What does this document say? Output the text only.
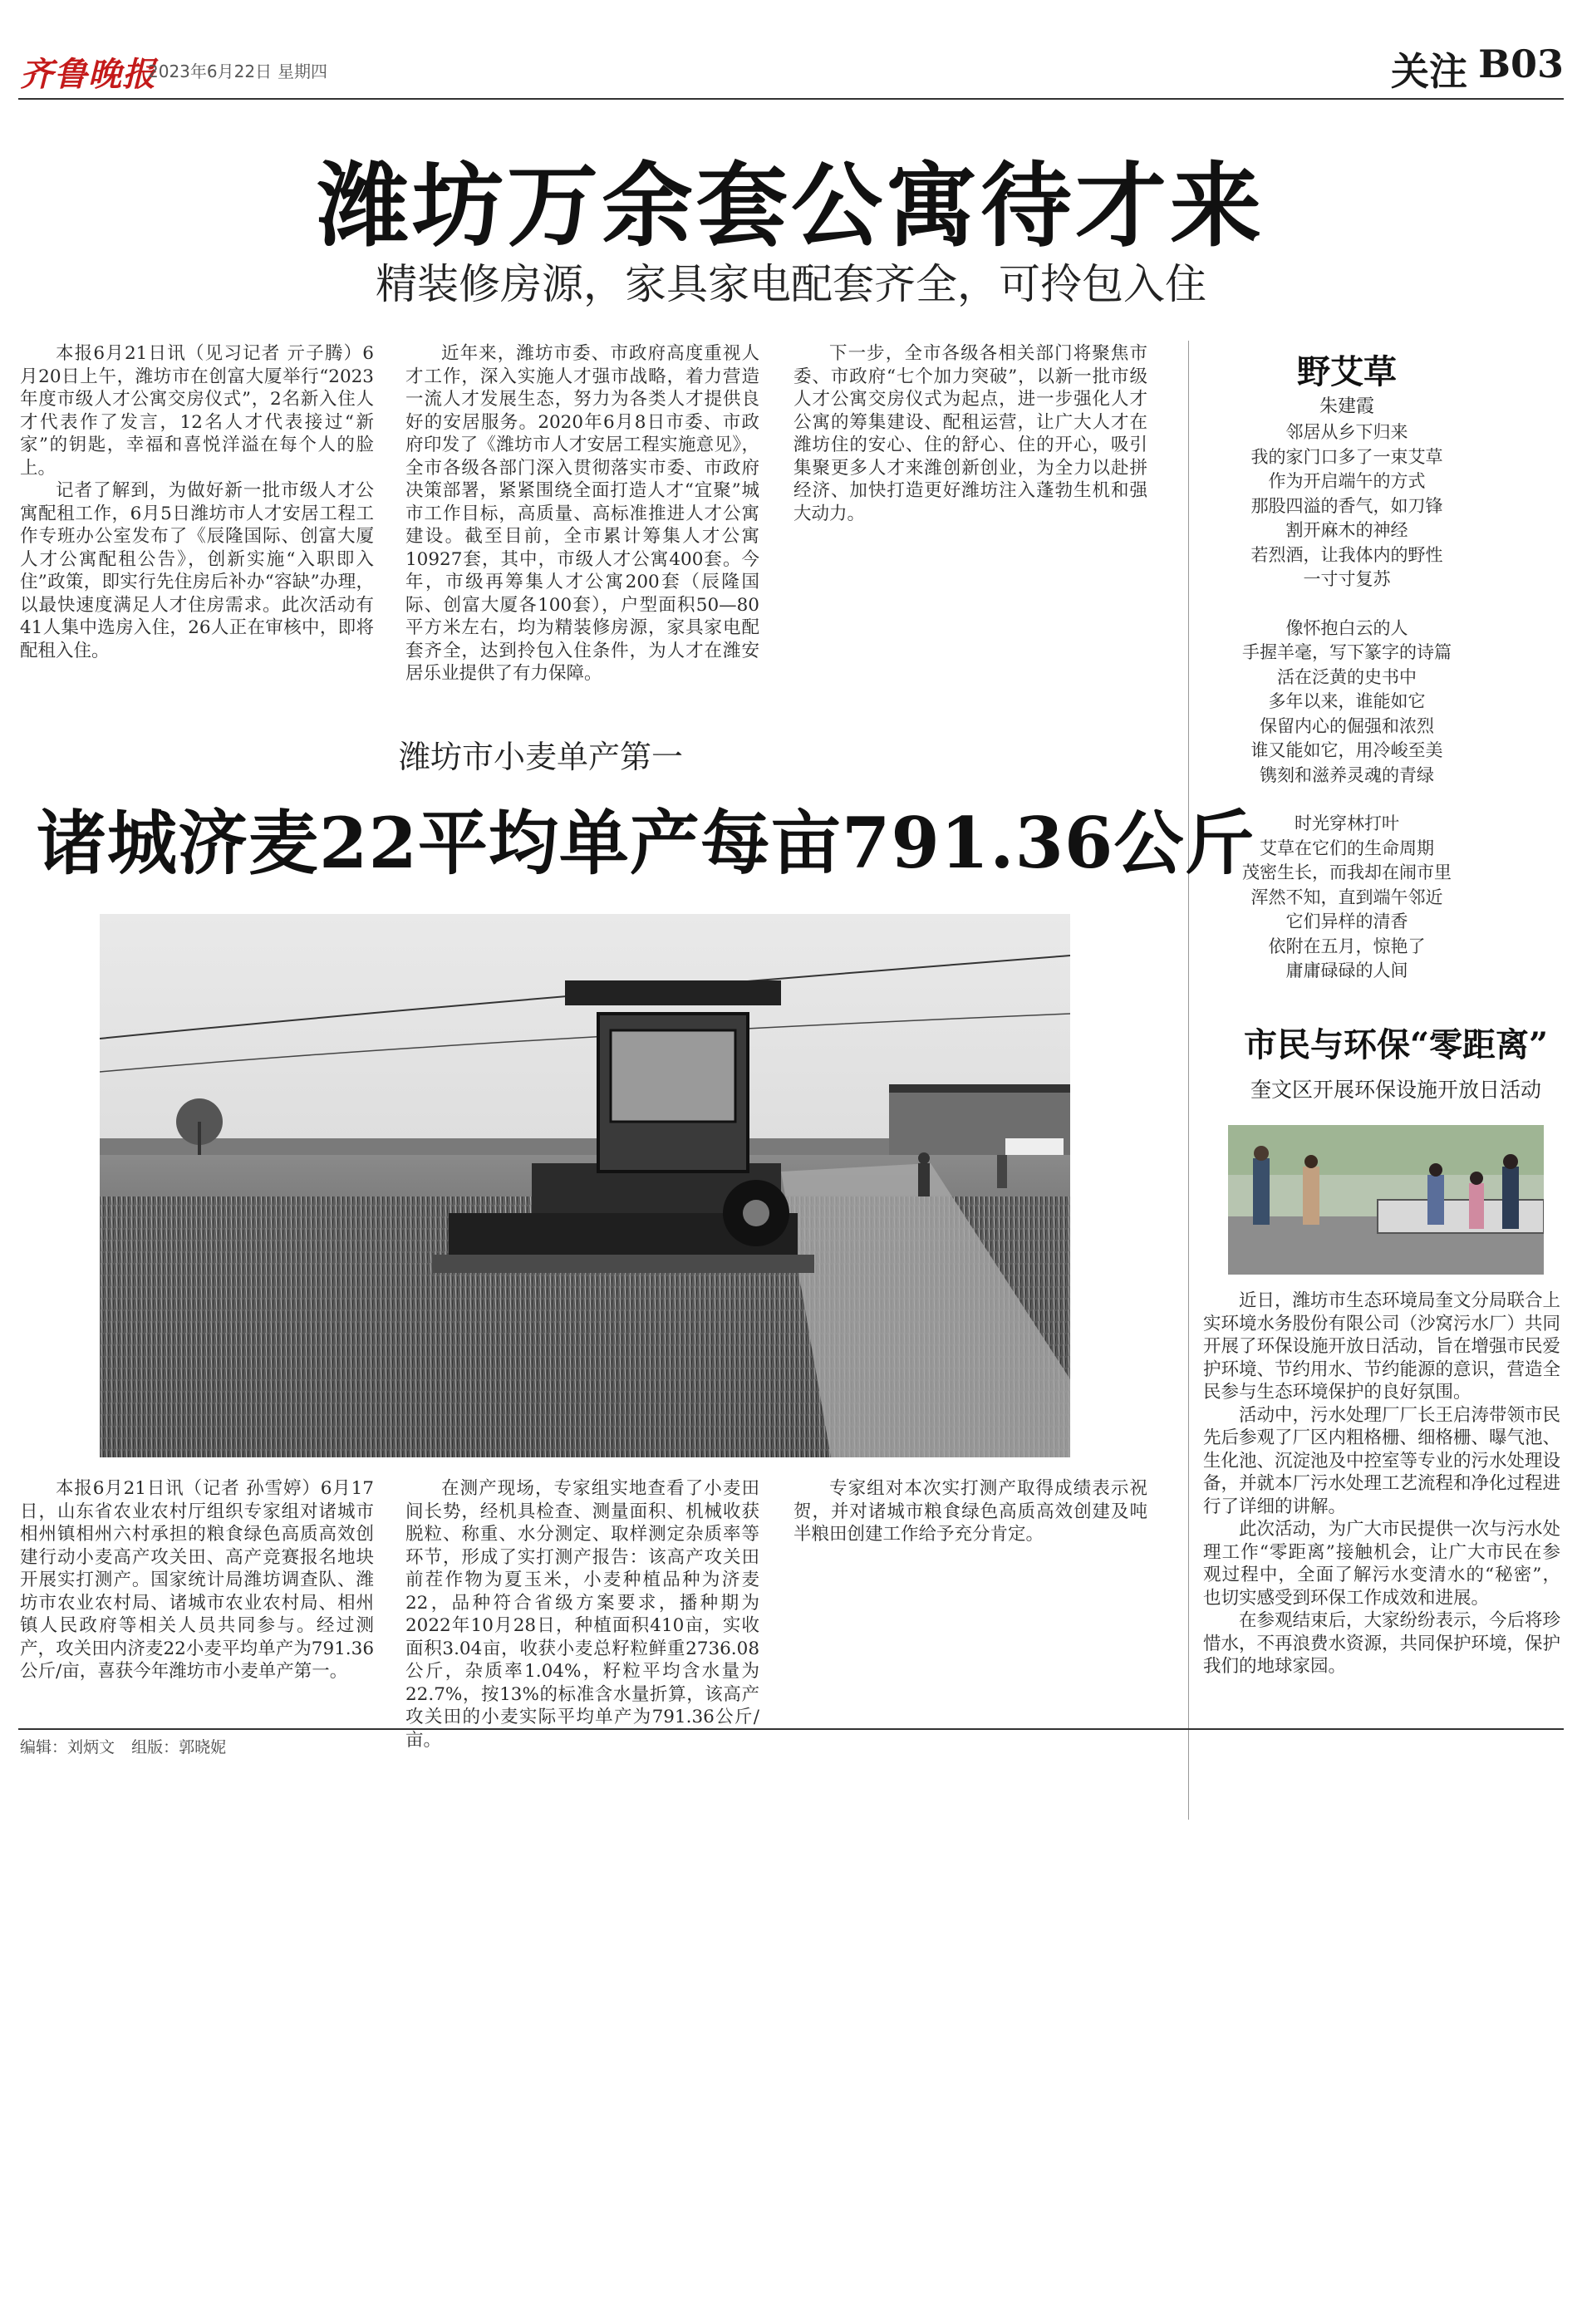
齐鲁晚报
2023年6月22日 星期四	关注 B03
潍坊万余套公寓待才来
精装修房源，家具家电配套齐全，可拎包入住

本报6月21日讯（见习记者 亓子腾）6月20日上午，潍坊市在创富大厦举行“2023年度市级人才公寓交房仪式”，2名新入住人才代表作了发言，12名人才代表接过“新家”的钥匙，幸福和喜悦洋溢在每个人的脸上。

记者了解到，为做好新一批市级人才公寓配租工作，6月5日潍坊市人才安居工程工作专班办公室发布了《辰隆国际、创富大厦人才公寓配租公告》，创新实施“入职即入住”政策，即实行先住房后补办“容缺”办理，以最快速度满足人才住房需求。此次活动有41人集中选房入住，26人正在审核中，即将配租入住。

近年来，潍坊市委、市政府高度重视人才工作，深入实施人才强市战略，着力营造一流人才发展生态，努力为各类人才提供良好的安居服务。2020年6月8日市委、市政府印发了《潍坊市人才安居工程实施意见》，全市各级各部门深入贯彻落实市委、市政府决策部署，紧紧围绕全面打造人才“宜聚”城市工作目标，高质量、高标准推进人才公寓建设。截至目前，全市累计筹集人才公寓10927套，其中，市级人才公寓400套。今年，市级再筹集人才公寓200套（辰隆国际、创富大厦各100套），户型面积50—80平方米左右，均为精装修房源，家具家电配套齐全，达到拎包入住条件，为人才在潍安居乐业提供了有力保障。

下一步，全市各级各相关部门将聚焦市委、市政府“七个加力突破”，以新一批市级人才公寓交房仪式为起点，进一步强化人才公寓的筹集建设、配租运营，让广大人才在潍坊住的安心、住的舒心、住的开心，吸引集聚更多人才来潍创新创业，为全力以赴拼经济、加快打造更好潍坊注入蓬勃生机和强大动力。

野艾草
朱建霞
邻居从乡下归来
我的家门口多了一束艾草
作为开启端午的方式
那股四溢的香气，如刀锋
割开麻木的神经
若烈酒，让我体内的野性
一寸寸复苏
像怀抱白云的人
手握羊毫，写下篆字的诗篇
活在泛黄的史书中
多年以来，谁能如它
保留内心的倔强和浓烈
谁又能如它，用冷峻至美
镌刻和滋养灵魂的青绿
时光穿林打叶
艾草在它们的生命周期
茂密生长，而我却在闹市里
浑然不知，直到端午邻近
它们异样的清香
依附在五月，惊艳了
庸庸碌碌的人间
潍坊市小麦单产第一
诸城济麦22平均单产每亩791.36公斤

本报6月21日讯（记者 孙雪婷）6月17日，山东省农业农村厅组织专家组对诸城市相州镇相州六村承担的粮食绿色高质高效创建行动小麦高产攻关田、高产竞赛报名地块开展实打测产。国家统计局潍坊调查队、潍坊市农业农村局、诸城市农业农村局、相州镇人民政府等相关人员共同参与。经过测产，攻关田内济麦22小麦平均单产为791.36公斤/亩，喜获今年潍坊市小麦单产第一。

在测产现场，专家组实地查看了小麦田间长势，经机具检查、测量面积、机械收获脱粒、称重、水分测定、取样测定杂质率等环节，形成了实打测产报告：该高产攻关田前茬作物为夏玉米，小麦种植品种为济麦22，品种符合省级方案要求，播种期为2022年10月28日，种植面积410亩，实收面积3.04亩，收获小麦总籽粒鲜重2736.08公斤，杂质率1.04%，籽粒平均含水量为22.7%，按13%的标准含水量折算，该高产攻关田的小麦实际平均单产为791.36公斤/亩。

专家组对本次实打测产取得成绩表示祝贺，并对诸城市粮食绿色高质高效创建及吨半粮田创建工作给予充分肯定。

市民与环保“零距离”
奎文区开展环保设施开放日活动

近日，潍坊市生态环境局奎文分局联合上实环境水务股份有限公司（沙窝污水厂）共同开展了环保设施开放日活动，旨在增强市民爱护环境、节约用水、节约能源的意识，营造全民参与生态环境保护的良好氛围。

活动中，污水处理厂厂长王启涛带领市民先后参观了厂区内粗格栅、细格栅、曝气池、生化池、沉淀池及中控室等专业的污水处理设备，并就本厂污水处理工艺流程和净化过程进行了详细的讲解。

此次活动，为广大市民提供一次与污水处理工作“零距离”接触机会，让广大市民在参观过程中，全面了解污水变清水的“秘密”，也切实感受到环保工作成效和进展。

在参观结束后，大家纷纷表示，今后将珍惜水，不再浪费水资源，共同保护环境，保护我们的地球家园。

编辑：刘炳文 组版：郭晓妮
